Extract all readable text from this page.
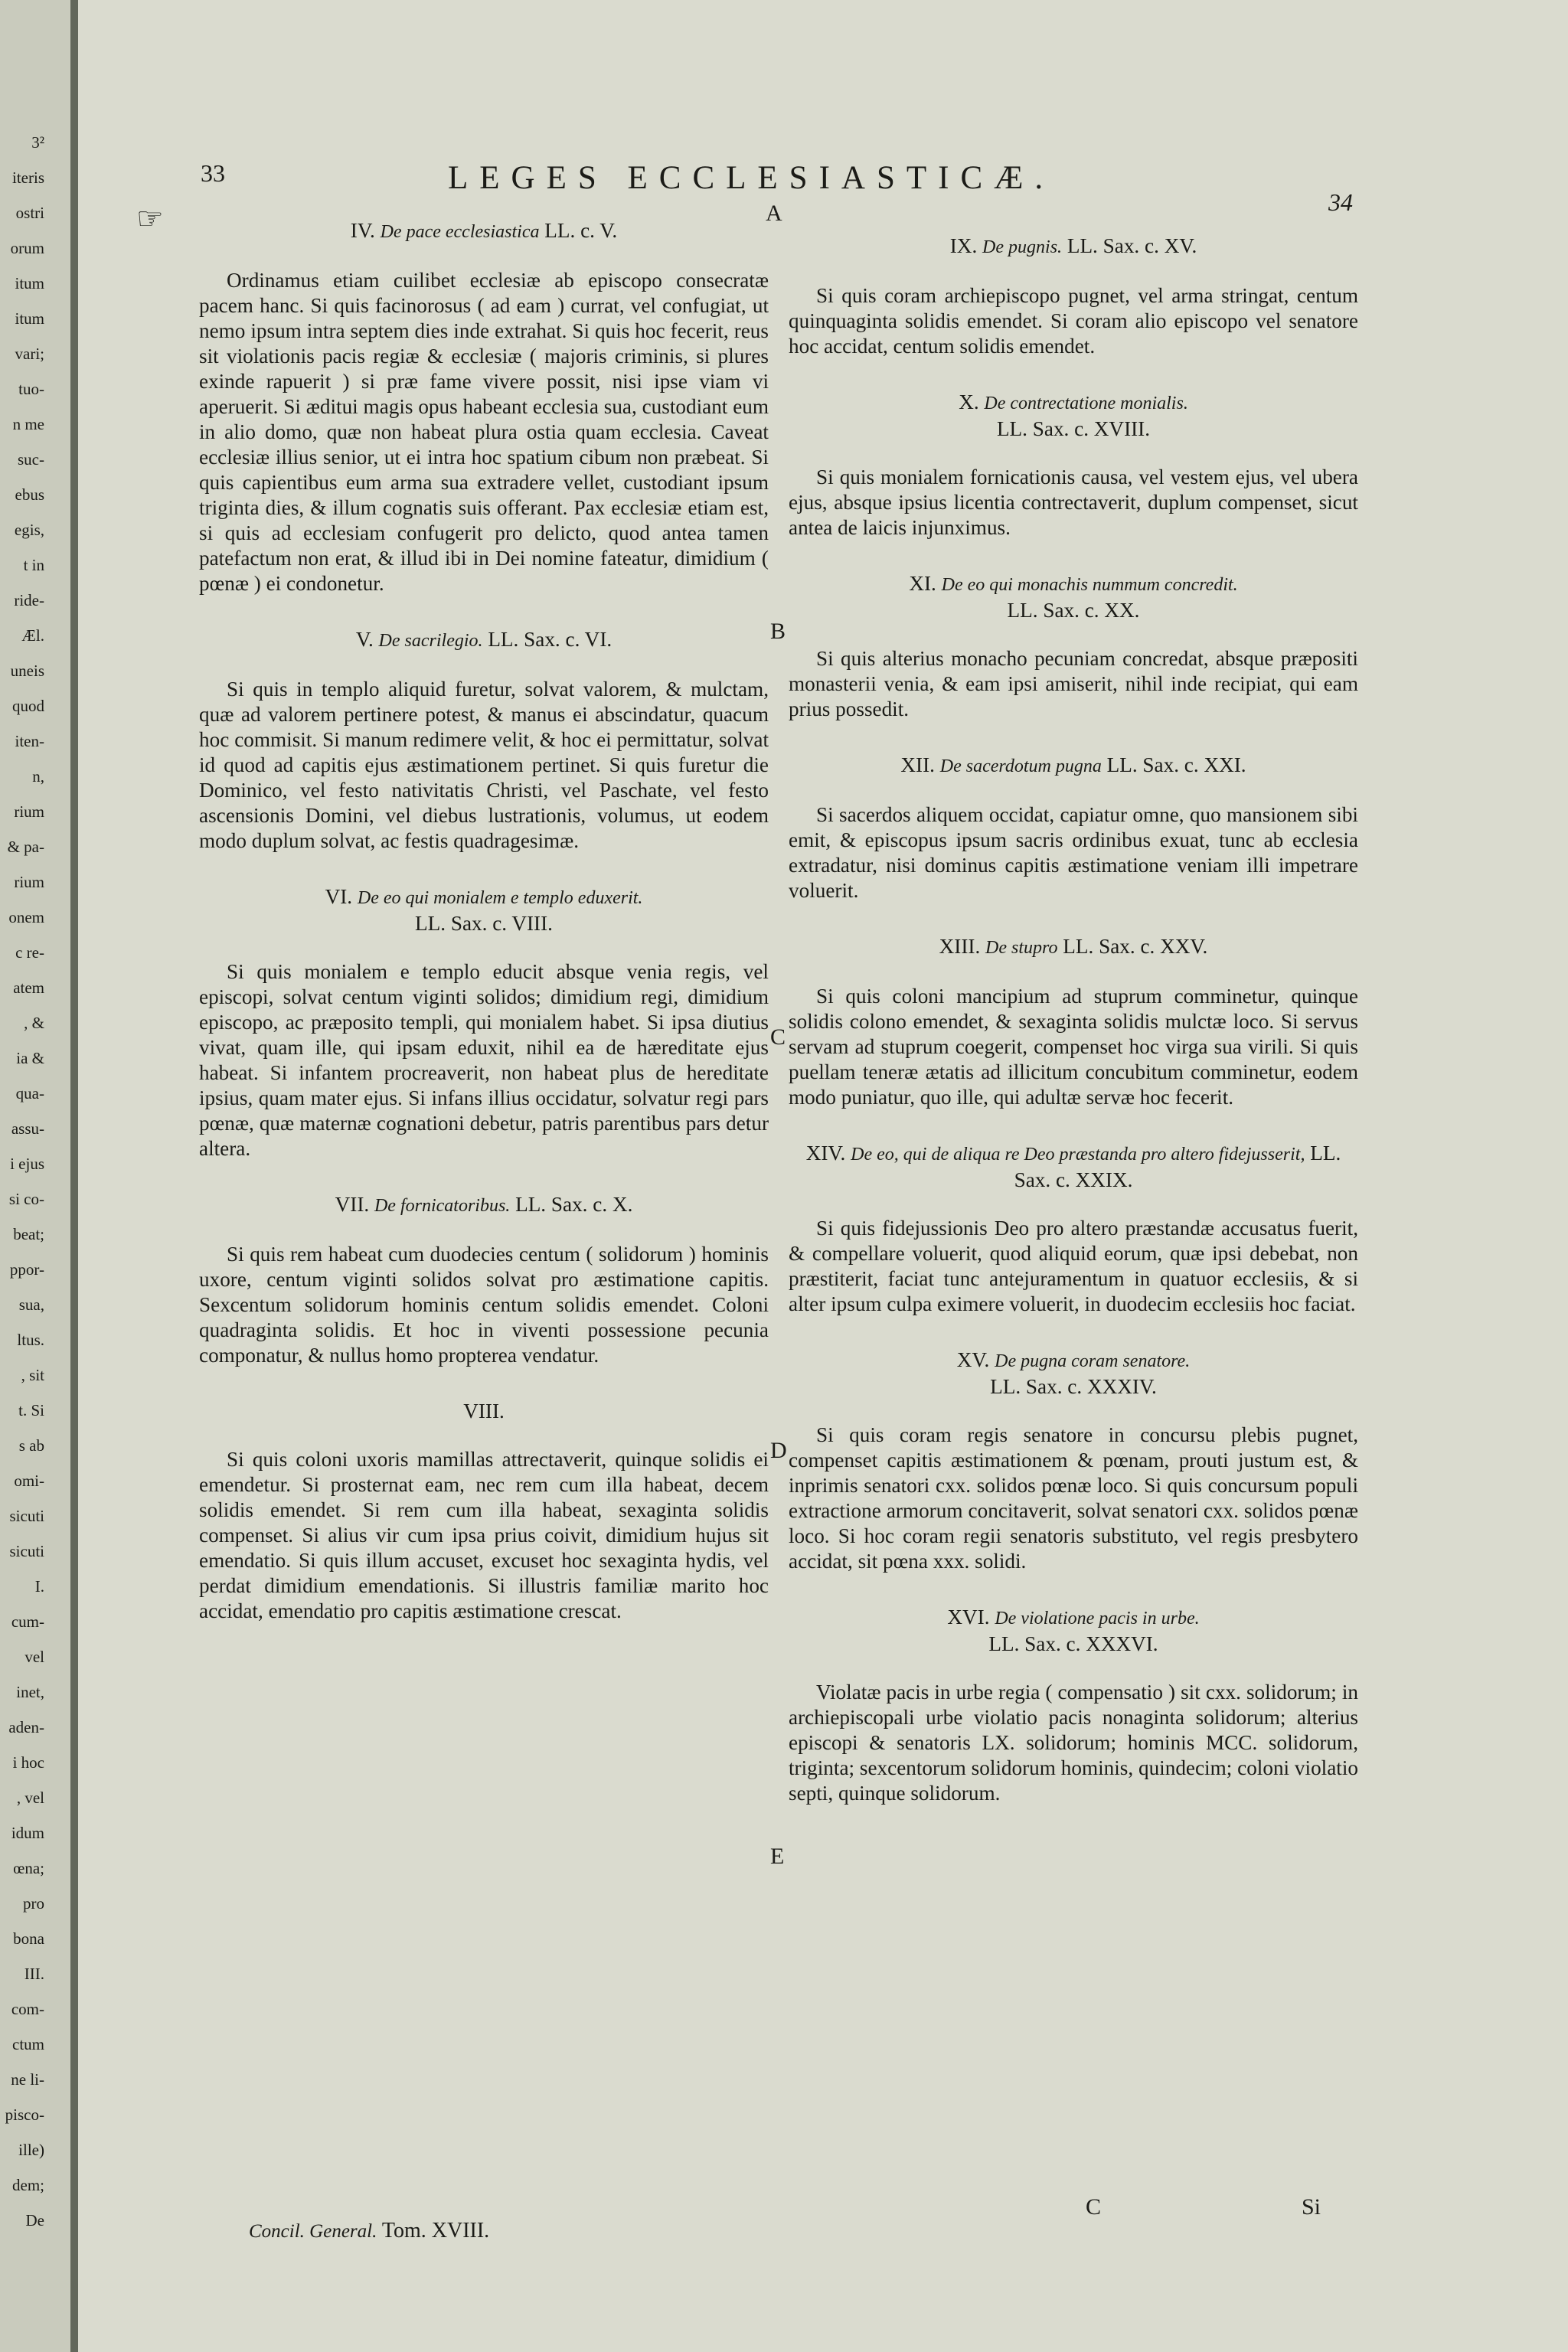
3²
iteris
ostri
orum
itum
itum
vari;
tuo-
n me
suc-
ebus
egis,
t in
ride-
Æl.
uneis
quod
iten-
n,
rium
& pa-
rium
onem
c re-
atem
, &
ia &
qua-
assu-
i ejus
si co-
beat;
ppor-
sua,
ltus.
, sit
t. Si
s ab
omi-
sicuti
sicuti
I.
cum-
vel
inet,
aden-
i hoc
, vel
idum
œna;
pro
bona
III.
com-
ctum
ne li-
pisco-
ille)
dem;
De
33	LEGES ECCLESIASTICÆ.
34
☞	A
B
C
D
E
IV. De pace ecclesiastica LL. c. V.

Ordinamus etiam cuilibet ecclesiæ ab episcopo consecratæ pacem hanc. Si quis facinorosus ( ad eam ) currat, vel confugiat, ut nemo ipsum intra septem dies inde extrahat. Si quis hoc fecerit, reus sit violationis pacis regiæ & ecclesiæ ( majoris criminis, si plures exinde rapuerit ) si præ fame vivere possit, nisi ipse viam vi aperuerit. Si æditui magis opus habeant ecclesia sua, custodiant eum in alio domo, quæ non habeat plura ostia quam ecclesia. Caveat ecclesiæ illius senior, ut ei intra hoc spatium cibum non præbeat. Si quis capientibus eum arma sua extradere vellet, custodiant ipsum triginta dies, & illum cognatis suis offerant. Pax ecclesiæ etiam est, si quis ad ecclesiam confugerit pro delicto, quod antea tamen patefactum non erat, & illud ibi in Dei nomine fateatur, dimidium ( pœnæ ) ei condonetur.

V. De sacrilegio. LL. Sax. c. VI.

Si quis in templo aliquid furetur, solvat valorem, & mulctam, quæ ad valorem pertinere potest, & manus ei abscindatur, quacum hoc commisit. Si manum redimere velit, & hoc ei permittatur, solvat id quod ad capitis ejus æstimationem pertinet. Si quis furetur die Dominico, vel festo nativitatis Christi, vel Paschate, vel festo ascensionis Domini, vel diebus lustrationis, volumus, ut eodem modo duplum solvat, ac festis quadragesimæ.

VI. De eo qui monialem e templo eduxerit.
LL. Sax. c. VIII.

Si quis monialem e templo educit absque venia regis, vel episcopi, solvat centum viginti solidos; dimidium regi, dimidium episcopo, ac præposito templi, qui monialem habet. Si ipsa diutius vivat, quam ille, qui ipsam eduxit, nihil ea de hæreditate ejus habeat. Si infantem procreaverit, non habeat plus de hereditate ipsius, quam mater ejus. Si infans illius occidatur, solvatur regi pars pœnæ, quæ maternæ cognationi debetur, patris parentibus pars detur altera.

VII. De fornicatoribus. LL. Sax. c. X.

Si quis rem habeat cum duodecies centum ( solidorum ) hominis uxore, centum viginti solidos solvat pro æstimatione capitis. Sexcentum solidorum hominis centum solidis emendet. Coloni quadraginta solidis. Et hoc in viventi possessione pecunia componatur, & nullus homo propterea vendatur.

VIII.

Si quis coloni uxoris mamillas attrectaverit, quinque solidis ei emendetur. Si prosternat eam, nec rem cum illa habeat, decem solidis emendet. Si rem cum illa habeat, sexaginta solidis compenset. Si alius vir cum ipsa prius coivit, dimidium hujus sit emendatio. Si quis illum accuset, excuset hoc sexaginta hydis, vel perdat dimidium emendationis. Si illustris familiæ marito hoc accidat, emendatio pro capitis æstimatione crescat.

IX. De pugnis. LL. Sax. c. XV.

Si quis coram archiepiscopo pugnet, vel arma stringat, centum quinquaginta solidis emendet. Si coram alio episcopo vel senatore hoc accidat, centum solidis emendet.

X. De contrectatione monialis.
LL. Sax. c. XVIII.

Si quis monialem fornicationis causa, vel vestem ejus, vel ubera ejus, absque ipsius licentia contrectaverit, duplum compenset, sicut antea de laicis injunximus.

XI. De eo qui monachis nummum concredit.
LL. Sax. c. XX.

Si quis alterius monacho pecuniam concredat, absque præpositi monasterii venia, & eam ipsi amiserit, nihil inde recipiat, qui eam prius possedit.

XII. De sacerdotum pugna LL. Sax. c. XXI.

Si sacerdos aliquem occidat, capiatur omne, quo mansionem sibi emit, & episcopus ipsum sacris ordinibus exuat, tunc ab ecclesia extradatur, nisi dominus capitis æstimatione veniam illi impetrare voluerit.

XIII. De stupro LL. Sax. c. XXV.

Si quis coloni mancipium ad stuprum comminetur, quinque solidis colono emendet, & sexaginta solidis mulctæ loco. Si servus servam ad stuprum coegerit, compenset hoc virga sua virili. Si quis puellam teneræ ætatis ad illicitum concubitum comminetur, eodem modo puniatur, quo ille, qui adultæ servæ hoc fecerit.

XIV. De eo, qui de aliqua re Deo præstanda pro altero fidejusserit, LL. Sax. c. XXIX.

Si quis fidejussionis Deo pro altero præstandæ accusatus fuerit, & compellare voluerit, quod aliquid eorum, quæ ipsi debebat, non præstiterit, faciat tunc antejuramentum in quatuor ecclesiis, & si alter ipsum culpa eximere voluerit, in duodecim ecclesiis hoc faciat.

XV. De pugna coram senatore.
LL. Sax. c. XXXIV.

Si quis coram regis senatore in concursu plebis pugnet, compenset capitis æstimationem & pœnam, prouti justum est, & inprimis senatori cxx. solidos pœnæ loco. Si quis concursum populi extractione armorum concitaverit, solvat senatori cxx. solidos pœnæ loco. Si hoc coram regii senatoris substituto, vel regis presbytero accidat, sit pœna xxx. solidi.

XVI. De violatione pacis in urbe.
LL. Sax. c. XXXVI.

Violatæ pacis in urbe regia ( compensatio ) sit cxx. solidorum; in archiepiscopali urbe violatio pacis nonaginta solidorum; alterius episcopi & senatoris LX. solidorum; hominis MCC. solidorum, triginta; sexcentorum solidorum hominis, quindecim; coloni violatio septi, quinque solidorum.

Concil. General. Tom. XVIII.
C	Si
